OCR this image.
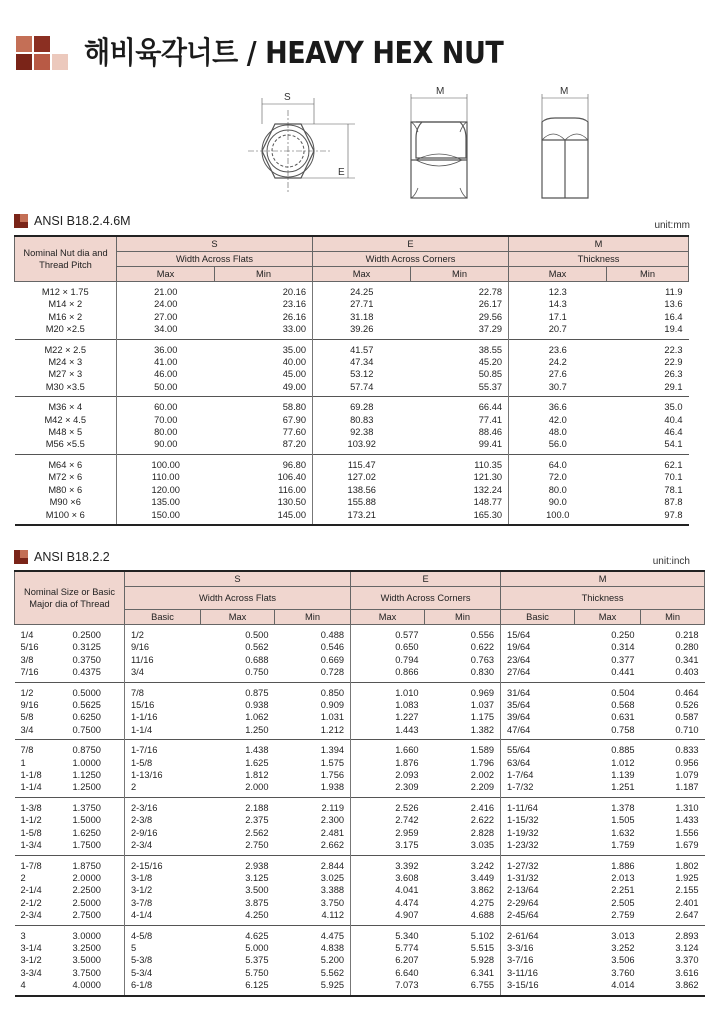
해비육각너트 / HEAVY HEX NUT
S
E
M	M
ANSI B18.2.4.6M	unit:mm
Nominal Nut dia and Thread Pitch	S		E		M	
	Width Across Flats		Width Across Corners		Thickness	
	Max	Min	Max	Min	Max	Min
M12 × 1.75	21.00	20.16	24.25	22.78	12.3	11.9
M14 × 2	24.00	23.16	27.71	26.17	14.3	13.6
M16 × 2	27.00	26.16	31.18	29.56	17.1	16.4
M20 ×2.5	34.00	33.00	39.26	37.29	20.7	19.4
M22 × 2.5	36.00	35.00	41.57	38.55	23.6	22.3
M24 × 3	41.00	40.00	47.34	45.20	24.2	22.9
M27 × 3	46.00	45.00	53.12	50.85	27.6	26.3
M30 ×3.5	50.00	49.00	57.74	55.37	30.7	29.1
M36 × 4	60.00	58.80	69.28	66.44	36.6	35.0
M42 × 4.5	70.00	67.90	80.83	77.41	42.0	40.4
M48 × 5	80.00	77.60	92.38	88.46	48.0	46.4
M56 ×5.5	90.00	87.20	103.92	99.41	56.0	54.1
M64 × 6	100.00	96.80	115.47	110.35	64.0	62.1
M72 × 6	110.00	106.40	127.02	121.30	72.0	70.1
M80 × 6	120.00	116.00	138.56	132.24	80.0	78.1
M90 ×6	135.00	130.50	155.88	148.77	90.0	87.8
M100 × 6	150.00	145.00	173.21	165.30	100.0	97.8
ANSI B18.2.2	unit:inch
Nominal Size or Basic Major dia of Thread		S			E		M		
		Width Across Flats			Width Across Corners		Thickness		
		Basic	Max	Min	Max	Min	Basic	Max	Min
1/4	0.2500	1/2	0.500	0.488	0.577	0.556	15/64	0.250	0.218
5/16	0.3125	9/16	0.562	0.546	0.650	0.622	19/64	0.314	0.280
3/8	0.3750	11/16	0.688	0.669	0.794	0.763	23/64	0.377	0.341
7/16	0.4375	3/4	0.750	0.728	0.866	0.830	27/64	0.441	0.403
1/2	0.5000	7/8	0.875	0.850	1.010	0.969	31/64	0.504	0.464
9/16	0.5625	15/16	0.938	0.909	1.083	1.037	35/64	0.568	0.526
5/8	0.6250	1-1/16	1.062	1.031	1.227	1.175	39/64	0.631	0.587
3/4	0.7500	1-1/4	1.250	1.212	1.443	1.382	47/64	0.758	0.710
7/8	0.8750	1-7/16	1.438	1.394	1.660	1.589	55/64	0.885	0.833
1	1.0000	1-5/8	1.625	1.575	1.876	1.796	63/64	1.012	0.956
1-1/8	1.1250	1-13/16	1.812	1.756	2.093	2.002	1-7/64	1.139	1.079
1-1/4	1.2500	2	2.000	1.938	2.309	2.209	1-7/32	1.251	1.187
1-3/8	1.3750	2-3/16	2.188	2.119	2.526	2.416	1-11/64	1.378	1.310
1-1/2	1.5000	2-3/8	2.375	2.300	2.742	2.622	1-15/32	1.505	1.433
1-5/8	1.6250	2-9/16	2.562	2.481	2.959	2.828	1-19/32	1.632	1.556
1-3/4	1.7500	2-3/4	2.750	2.662	3.175	3.035	1-23/32	1.759	1.679
1-7/8	1.8750	2-15/16	2.938	2.844	3.392	3.242	1-27/32	1.886	1.802
2	2.0000	3-1/8	3.125	3.025	3.608	3.449	1-31/32	2.013	1.925
2-1/4	2.2500	3-1/2	3.500	3.388	4.041	3.862	2-13/64	2.251	2.155
2-1/2	2.5000	3-7/8	3.875	3.750	4.474	4.275	2-29/64	2.505	2.401
2-3/4	2.7500	4-1/4	4.250	4.112	4.907	4.688	2-45/64	2.759	2.647
3	3.0000	4-5/8	4.625	4.475	5.340	5.102	2-61/64	3.013	2.893
3-1/4	3.2500	5	5.000	4.838	5.774	5.515	3-3/16	3.252	3.124
3-1/2	3.5000	5-3/8	5.375	5.200	6.207	5.928	3-7/16	3.506	3.370
3-3/4	3.7500	5-3/4	5.750	5.562	6.640	6.341	3-11/16	3.760	3.616
4	4.0000	6-1/8	6.125	5.925	7.073	6.755	3-15/16	4.014	3.862
